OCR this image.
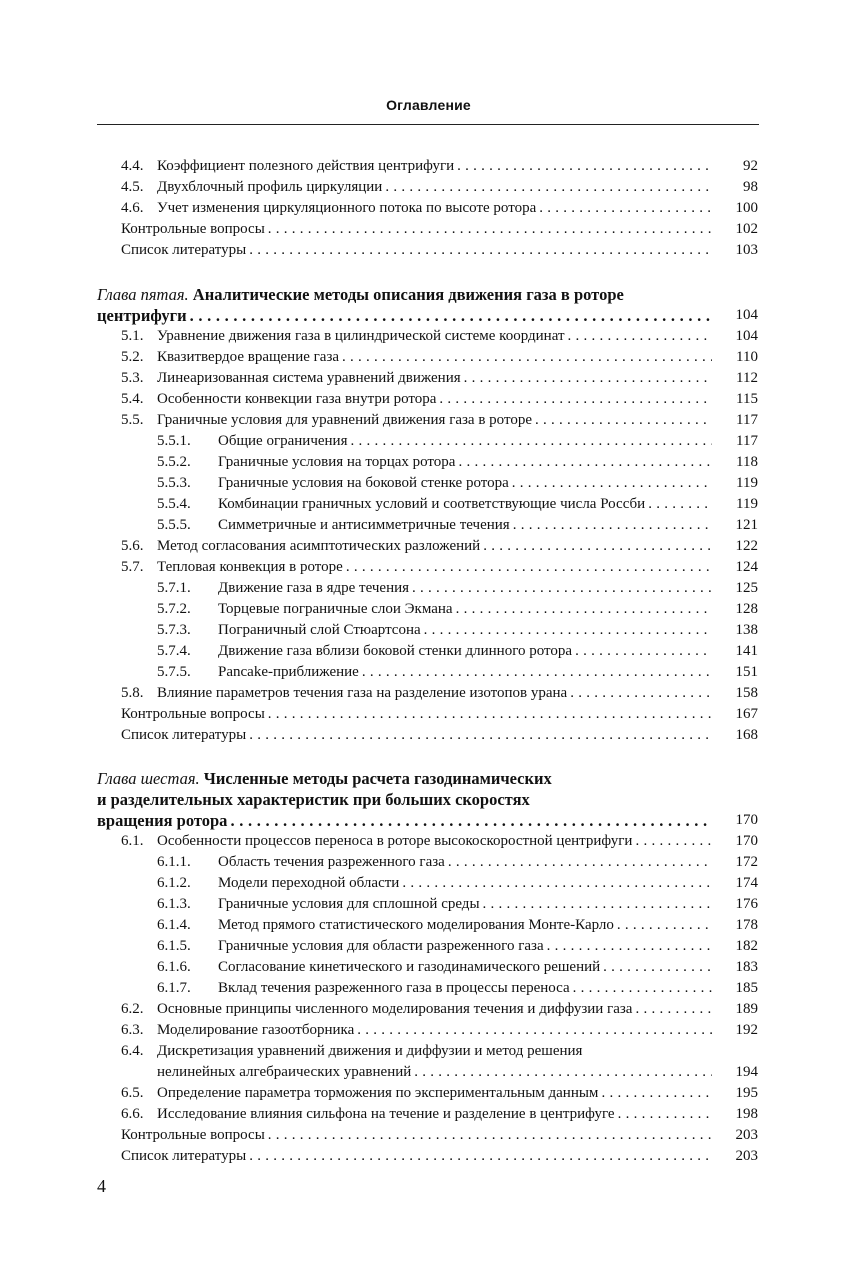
Оглавление
4.4. Коэффициент полезного действия центрифуги . . .	92
4.5. Двухблочный профиль циркуляции . . .	98
4.6. Учет изменения циркуляционного потока по высоте ротора . . .	100
Контрольные вопросы . . .	102
Список литературы . . .	103
Глава пятая. Аналитические методы описания движения газа в роторе
центрифуги . . .	104
5.1. Уравнение движения газа в цилиндрической системе координат . . .	104
5.2. Квазитвердое вращение газа . . .	110
5.3. Линеаризованная система уравнений движения . . .	112
5.4. Особенности конвекции газа внутри ротора . . .	115
5.5. Граничные условия для уравнений движения газа в роторе . . .	117
5.5.1.	Общие ограничения . . .	117
5.5.2.	Граничные условия на торцах ротора . . .	118
5.5.3.	Граничные условия на боковой стенке ротора . . .	119
5.5.4.	Комбинации граничных условий и соответствующие числа Россби . . .	119
5.5.5.	Симметричные и антисимметричные течения . . .	121
5.6. Метод согласования асимптотических разложений . . .	122
5.7. Тепловая конвекция в роторе . . .	124
5.7.1.	Движение газа в ядре течения . . .	125
5.7.2.	Торцевые пограничные слои Экмана . . .	128
5.7.3.	Пограничный слой Стюартсона . . .	138
5.7.4.	Движение газа вблизи боковой стенки длинного ротора . . .	141
5.7.5.	Pancake-приближение . . .	151
5.8. Влияние параметров течения газа на разделение изотопов урана . . .	158
Контрольные вопросы . . .	167
Список литературы . . .	168
Глава шестая. Численные методы расчета газодинамических
и разделительных характеристик при больших скоростях
вращения ротора . . .	170
6.1. Особенности процессов переноса в роторе высокоскоростной центрифуги . . .	170
6.1.1.	Область течения разреженного газа . . .	172
6.1.2.	Модели переходной области . . .	174
6.1.3.	Граничные условия для сплошной среды . . .	176
6.1.4.	Метод прямого статистического моделирования Монте-Карло . . .	178
6.1.5.	Граничные условия для области разреженного газа . . .	182
6.1.6.	Согласование кинетического и газодинамического решений . . .	183
6.1.7.	Вклад течения разреженного газа в процессы переноса . . .	185
6.2. Основные принципы численного моделирования течения и диффузии газа . . .	189
6.3. Моделирование газоотборника . . .	192
6.4. Дискретизация уравнений движения и диффузии и метод решения
нелинейных алгебраических уравнений . . .	194
6.5. Определение параметра торможения по экспериментальным данным . . .	195
6.6. Исследование влияния сильфона на течение и разделение в центрифуге . . .	198
Контрольные вопросы . . .	203
Список литературы . . .	203
4
